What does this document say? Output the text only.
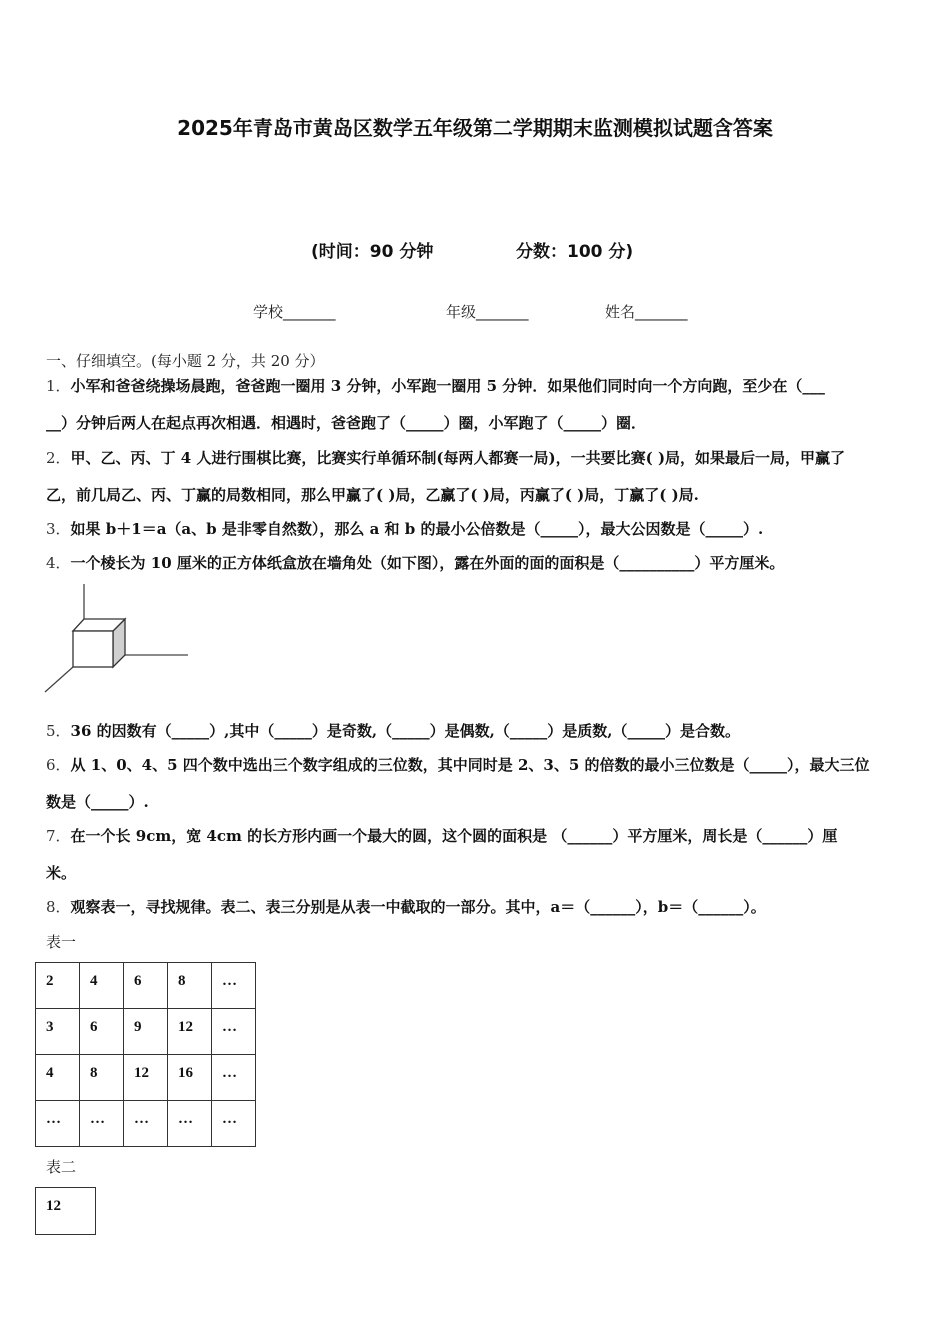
2025年青岛市黄岛区数学五年级第二学期期末监测模拟试题含答案
(时间：90 分钟	分数：100 分)
学校_______	年级_______	姓名_______
一、仔细填空。(每小题 2 分，共 20 分）
1．小军和爸爸绕操场晨跑，爸爸跑一圈用 3 分钟，小军跑一圈用 5 分钟．如果他们同时向一个方向跑，至少在（___
__）分钟后两人在起点再次相遇．相遇时，爸爸跑了（_____）圈，小军跑了（_____）圈．
2．甲、乙、丙、丁 4 人进行围棋比赛，比赛实行单循环制(每两人都赛一局)，一共要比赛( )局，如果最后一局，甲赢了
乙，前几局乙、丙、丁赢的局数相同，那么甲赢了( )局，乙赢了( )局，丙赢了( )局，丁赢了( )局.
3．如果 b＋1＝a（a、b 是非零自然数），那么 a 和 b 的最小公倍数是（_____），最大公因数是（_____）.
4．一个棱长为 10 厘米的正方体纸盒放在墙角处（如下图），露在外面的面的面积是（__________）平方厘米。
5．36 的因数有（_____）,其中（_____）是奇数,（_____）是偶数,（_____）是质数,（_____）是合数。
6．从 1、0、4、5 四个数中选出三个数字组成的三位数，其中同时是 2、3、5 的倍数的最小三位数是（_____），最大三位
数是（_____）.
7．在一个长 9cm，宽 4cm 的长方形内画一个最大的圆，这个圆的面积是 （______）平方厘米，周长是（______）厘
米。
8．观察表一，寻找规律。表二、表三分别是从表一中截取的一部分。其中，a＝（______），b＝（______）。
表一
2	4	6	8	…
3	6	9	12	…
4	8	12	16	…
…	…	…	…	…
表二
12
